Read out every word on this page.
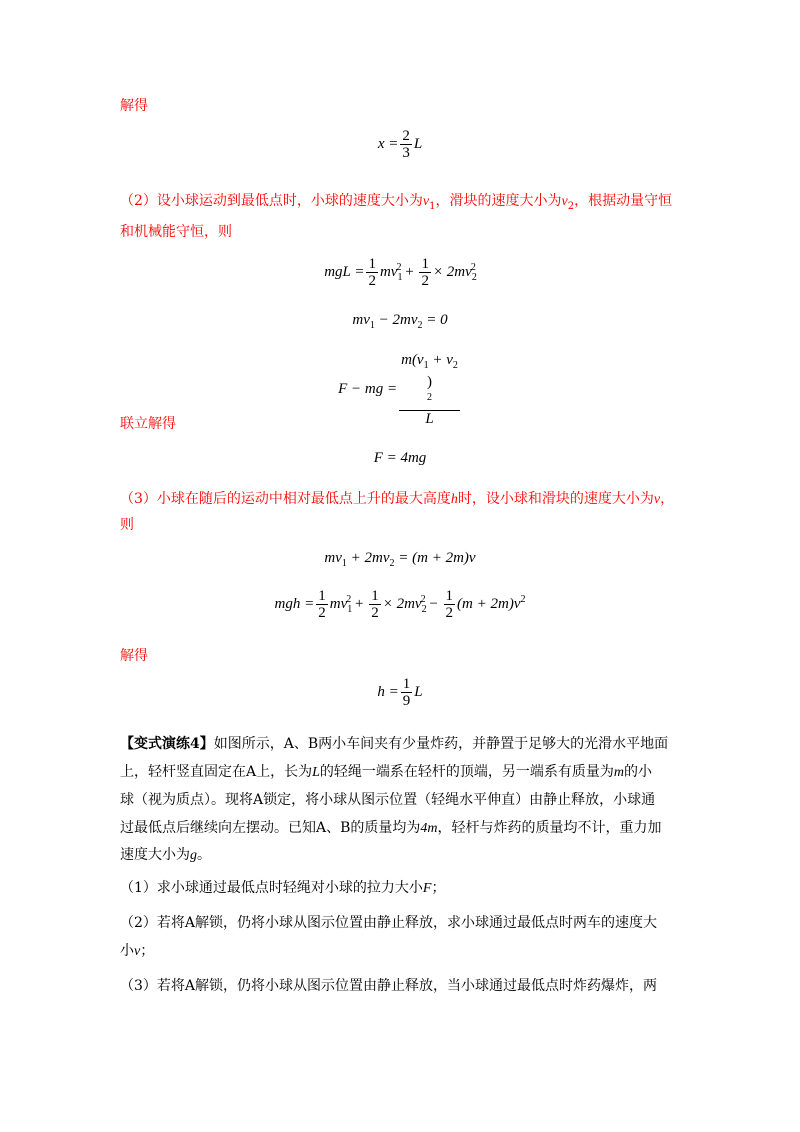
解得
$x = \frac{2}{3}$ L
（2）设小球运动到最低点时，小球的速度大小为$v_1$，滑块的速度大小为$v_2$，根据动量守恒
和机械能守恒，则
mgL = $\frac{1}{2} mv_1^2 + \frac{1}{2} \times 2mv_2^2$
$mv_1 - 2mv_2 = 0$
F − mg = $m(v_1 + v_2$
)
$^2$
L
联立解得
F = 4mg
（3）小球在随后的运动中相对最低点上升的最大高度h时，设小球和滑块的速度大小为v，
则
$mv_1 + 2mv_2 = (m + 2m)v$
mgh = $\frac{1}{2} mv_1^2 + \frac{1}{2} \times 2mv_2^2 - \frac{1}{2} (m + 2m)v^2$
解得
$h = \frac{1}{9}$ L
【变式演练4】如图所示，A、B两小车间夹有少量炸药，并静置于足够大的光滑水平地面
上，轻杆竖直固定在A上，长为L的轻绳一端系在轻杆的顶端，另一端系有质量为m的小
球（视为质点）。现将A锁定，将小球从图示位置（轻绳水平伸直）由静止释放，小球通
过最低点后继续向左摆动。已知A、B的质量均为4m，轻杆与炸药的质量均不计，重力加
速度大小为g。
（1）求小球通过最低点时轻绳对小球的拉力大小F；
（2）若将A解锁，仍将小球从图示位置由静止释放，求小球通过最低点时两车的速度大
小v；
（3）若将A解锁，仍将小球从图示位置由静止释放，当小球通过最低点时炸药爆炸，两
